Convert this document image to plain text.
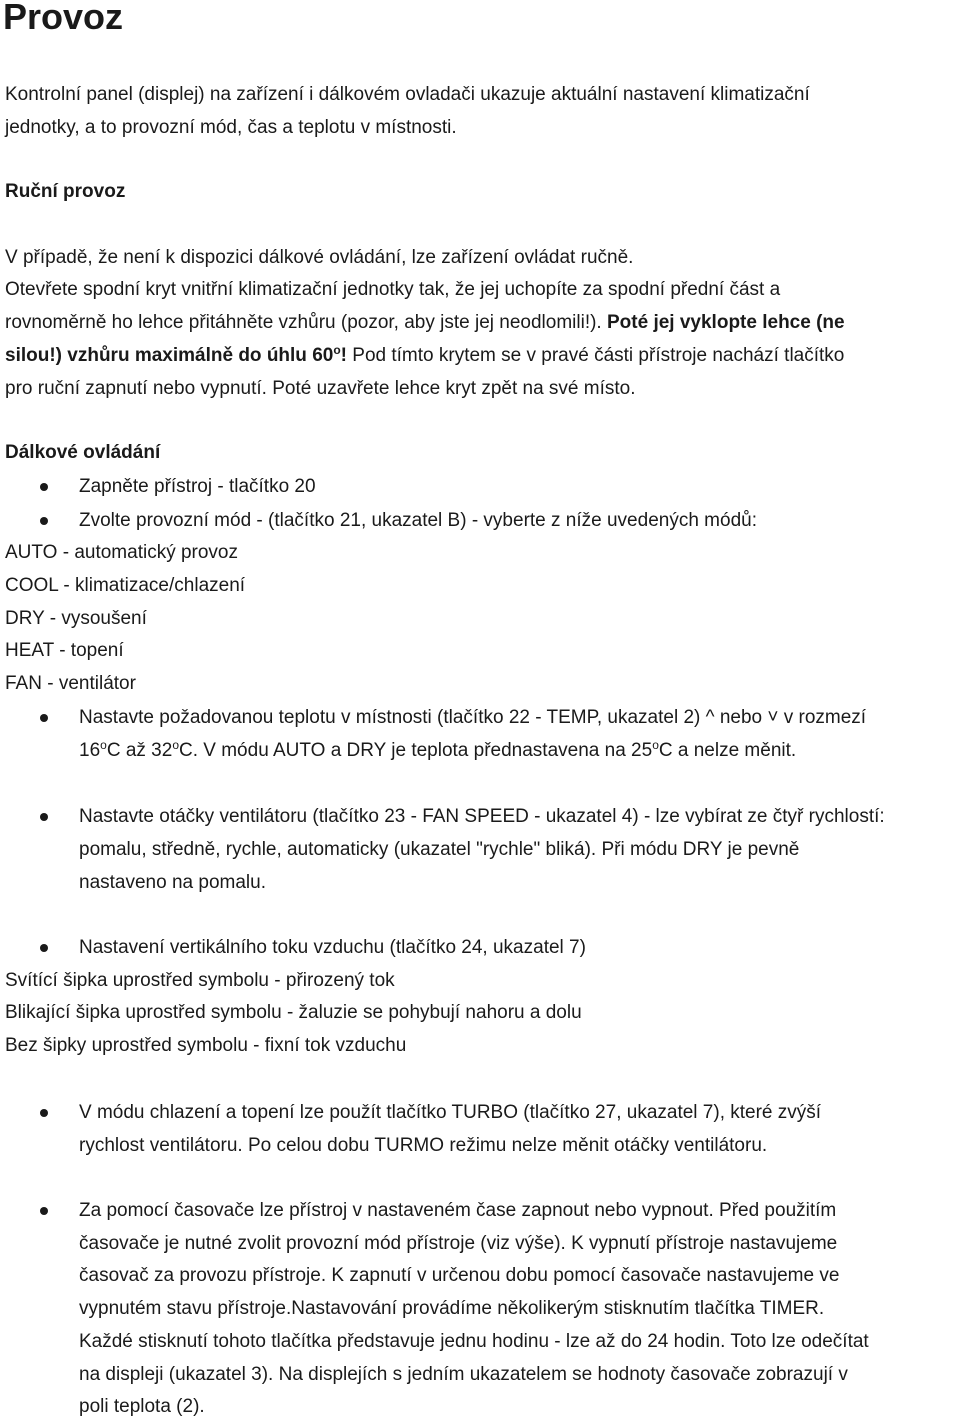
Provoz
Kontrolní panel (displej) na zařízení i dálkovém ovladači ukazuje aktuální nastavení klimatizační
jednotky, a to provozní mód, čas a teplotu v místnosti.
Ruční provoz
V případě, že není k dispozici dálkové ovládání, lze zařízení ovládat ručně.
Otevřete spodní kryt vnitřní klimatizační jednotky tak, že jej uchopíte za spodní přední část a
rovnoměrně ho lehce přitáhněte vzhůru (pozor, aby jste jej neodlomili!). Poté jej vyklopte lehce (ne
silou!) vzhůru maximálně do úhlu 60$^o$! Pod tímto krytem se v pravé části přístroje nachází tlačítko
pro ruční zapnutí nebo vypnutí. Poté uzavřete lehce kryt zpět na své místo.
Dálkové ovládání
Zapněte přístroj - tlačítko 20
Zvolte provozní mód - (tlačítko 21, ukazatel B) - vyberte z níže uvedených módů:
AUTO - automatický provoz
COOL - klimatizace/chlazení
DRY - vysoušení
HEAT - topení
FAN - ventilátor
Nastavte požadovanou teplotu v místnosti (tlačítko 22 - TEMP, ukazatel 2) ^ nebo ˅ v rozmezí
16$^o$C až 32$^o$C. V módu AUTO a DRY je teplota přednastavena na 25$^o$C a nelze měnit.
Nastavte otáčky ventilátoru (tlačítko 23 - FAN SPEED - ukazatel 4) - lze vybírat ze čtyř rychlostí:
pomalu, středně, rychle, automaticky (ukazatel "rychle" bliká). Při módu DRY je pevně
nastaveno na pomalu.
Nastavení vertikálního toku vzduchu (tlačítko 24, ukazatel 7)
Svítící šipka uprostřed symbolu - přirozený tok
Blikající šipka uprostřed symbolu - žaluzie se pohybují nahoru a dolu
Bez šipky uprostřed symbolu - fixní tok vzduchu
V módu chlazení a topení lze použít tlačítko TURBO (tlačítko 27, ukazatel 7), které zvýší
rychlost ventilátoru. Po celou dobu TURMO režimu nelze měnit otáčky ventilátoru.
Za pomocí časovače lze přístroj v nastaveném čase zapnout nebo vypnout. Před použitím
časovače je nutné zvolit provozní mód přístroje (viz výše). K vypnutí přístroje nastavujeme
časovač za provozu přístroje. K zapnutí v určenou dobu pomocí časovače nastavujeme ve
vypnutém stavu přístroje.Nastavování provádíme několikerým stisknutím tlačítka TIMER.
Každé stisknutí tohoto tlačítka představuje jednu hodinu - lze až do 24 hodin. Toto lze odečítat
na displeji (ukazatel 3). Na displejích s jedním ukazatelem se hodnoty časovače zobrazují v
poli teplota (2).
